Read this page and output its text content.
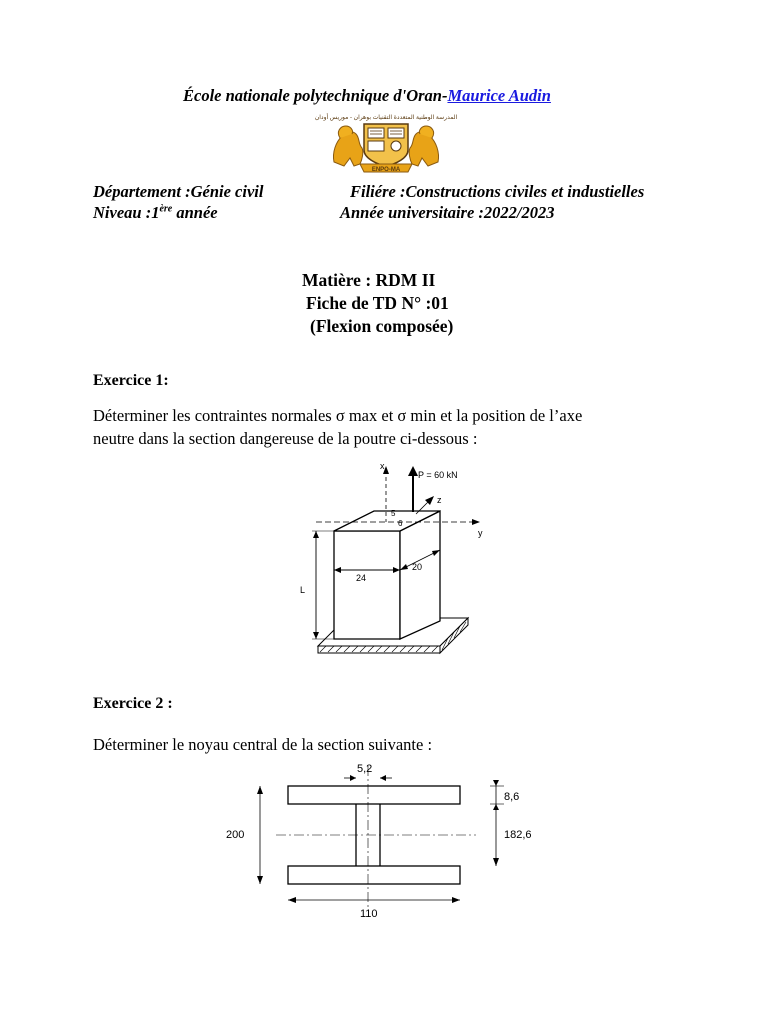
École nationale polytechnique d'Oran-Maurice Audin
المدرسة الوطنية المتعددة التقنيات بوهران - موريس أودان
ENPO-MA
Département :Génie civil	Filiére :Constructions civiles et industielles
Niveau :1ère année	Année universitaire :2022/2023
Matière : RDM II
Fiche de TD N° :01
(Flexion composée)
Exercice 1:
Déterminer les contraintes normales σ max et σ min et la position de l’axe
neutre dans la section dangereuse de la poutre ci-dessous :
x
y
z
P = 60 kN
5
6
24
20
L
Exercice 2 :
Déterminer le noyau central de la section suivante :
5,2
200
8,6
182,6
110
